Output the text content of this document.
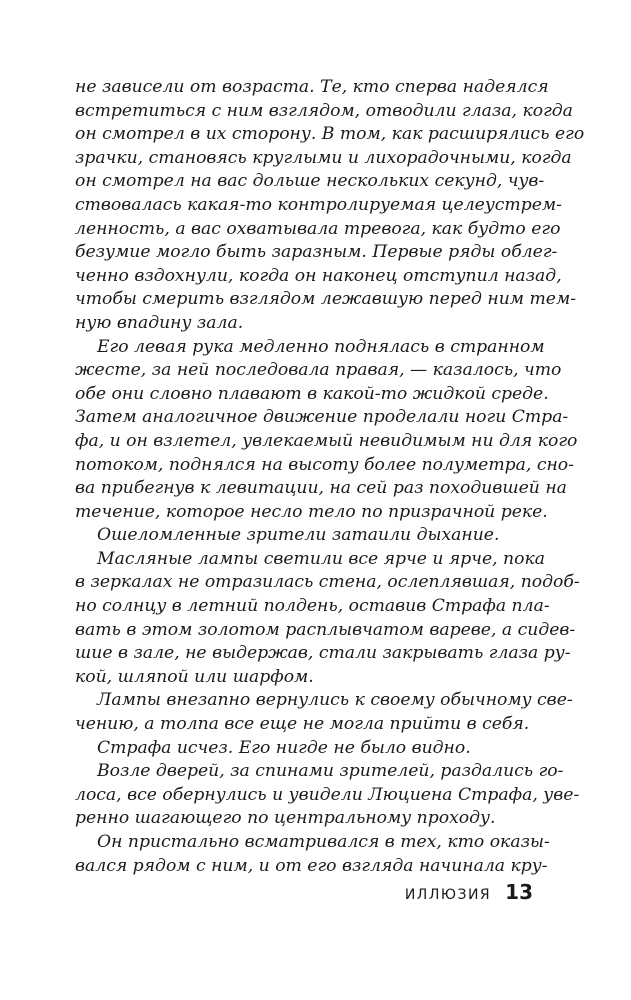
не зависели от возраста. Те, кто сперва надеялся
встретиться с ним взглядом, отводили глаза, когда
он смотрел в их сторону. В том, как расширялись его
зрачки, становясь круглыми и лихорадочными, когда
он смотрел на вас дольше нескольких секунд, чув-
ствовалась какая-то контролируемая целеустрем-
ленность, а вас охватывала тревога, как будто его
безумие могло быть заразным. Первые ряды облег-
ченно вздохнули, когда он наконец отступил назад,
чтобы смерить взглядом лежавшую перед ним тем-
ную впадину зала.
Его левая рука медленно поднялась в странном
жесте, за ней последовала правая, — казалось, что
обе они словно плавают в какой-то жидкой среде.
Затем аналогичное движение проделали ноги Стра-
фа, и он взлетел, увлекаемый невидимым ни для кого
потоком, поднялся на высоту более полуметра, сно-
ва прибегнув к левитации, на сей раз походившей на
течение, которое несло тело по призрачной реке.
Ошеломленные зрители затаили дыхание.
Масляные лампы светили все ярче и ярче, пока
в зеркалах не отразилась стена, ослеплявшая, подоб-
но солнцу в летний полдень, оставив Страфа пла-
вать в этом золотом расплывчатом вареве, а сидев-
шие в зале, не выдержав, стали закрывать глаза ру-
кой, шляпой или шарфом.
Лампы внезапно вернулись к своему обычному све-
чению, а толпа все еще не могла прийти в себя.
Страфа исчез. Его нигде не было видно.
Возле дверей, за спинами зрителей, раздались го-
лоса, все обернулись и увидели Люциена Страфа, уве-
ренно шагающего по центральному проходу.
Он пристально всматривался в тех, кто оказы-
вался рядом с ним, и от его взгляда начинала кру-
ИЛЛЮЗИЯ 13
